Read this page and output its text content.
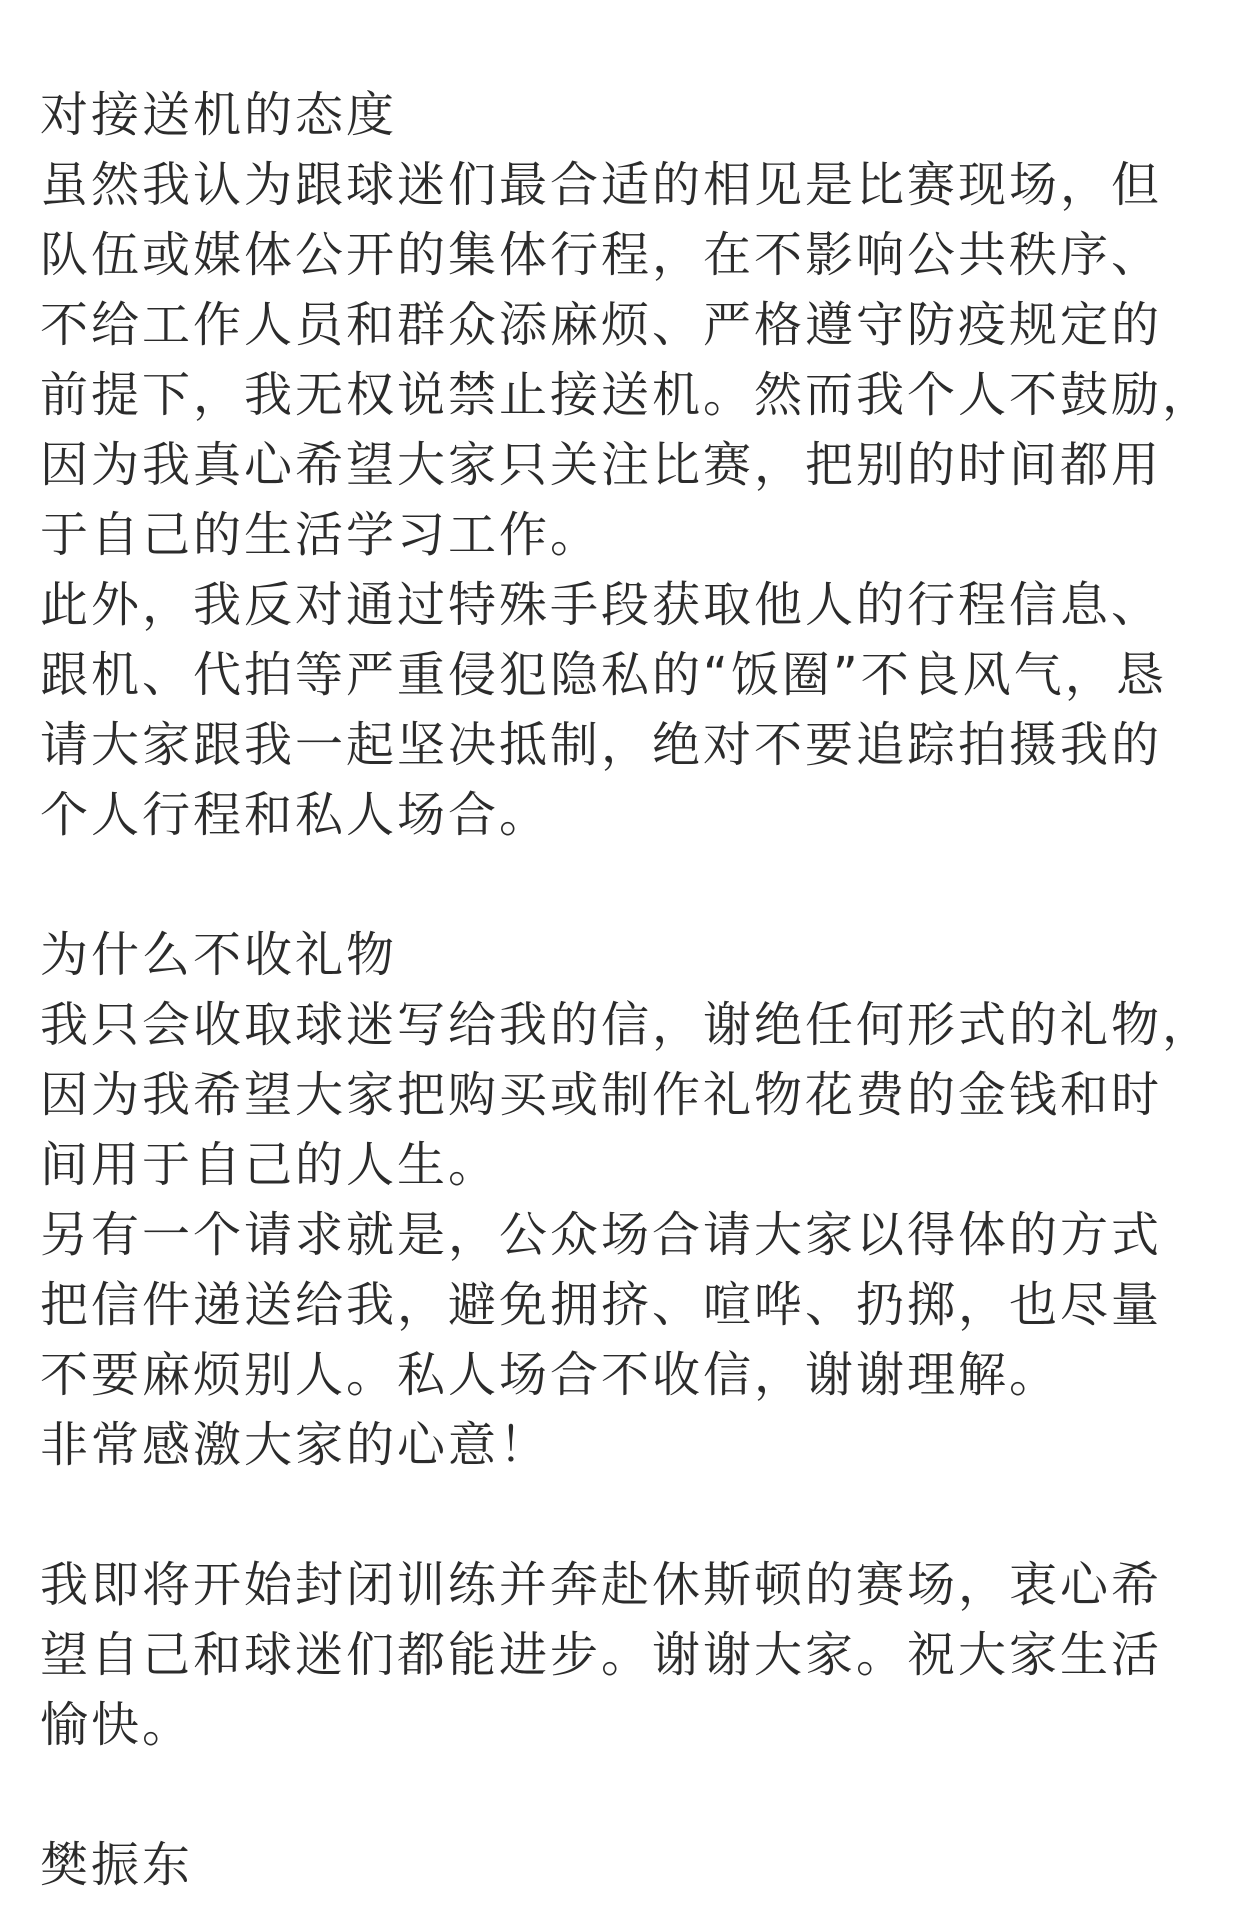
对接送机的态度
虽然我认为跟球迷们最合适的相见是比赛现场，但
队伍或媒体公开的集体行程，在不影响公共秩序、
不给工作人员和群众添麻烦、严格遵守防疫规定的
前提下，我无权说禁止接送机。然而我个人不鼓励，
因为我真心希望大家只关注比赛，把别的时间都用
于自己的生活学习工作。
此外，我反对通过特殊手段获取他人的行程信息、
跟机、代拍等严重侵犯隐私的“饭圈”不良风气，恳
请大家跟我一起坚决抵制，绝对不要追踪拍摄我的
个人行程和私人场合。
为什么不收礼物
我只会收取球迷写给我的信，谢绝任何形式的礼物，
因为我希望大家把购买或制作礼物花费的金钱和时
间用于自己的人生。
另有一个请求就是，公众场合请大家以得体的方式
把信件递送给我，避免拥挤、喧哗、扔掷，也尽量
不要麻烦别人。私人场合不收信，谢谢理解。
非常感激大家的心意！
我即将开始封闭训练并奔赴休斯顿的赛场，衷心希
望自己和球迷们都能进步。谢谢大家。祝大家生活
愉快。
樊振东
